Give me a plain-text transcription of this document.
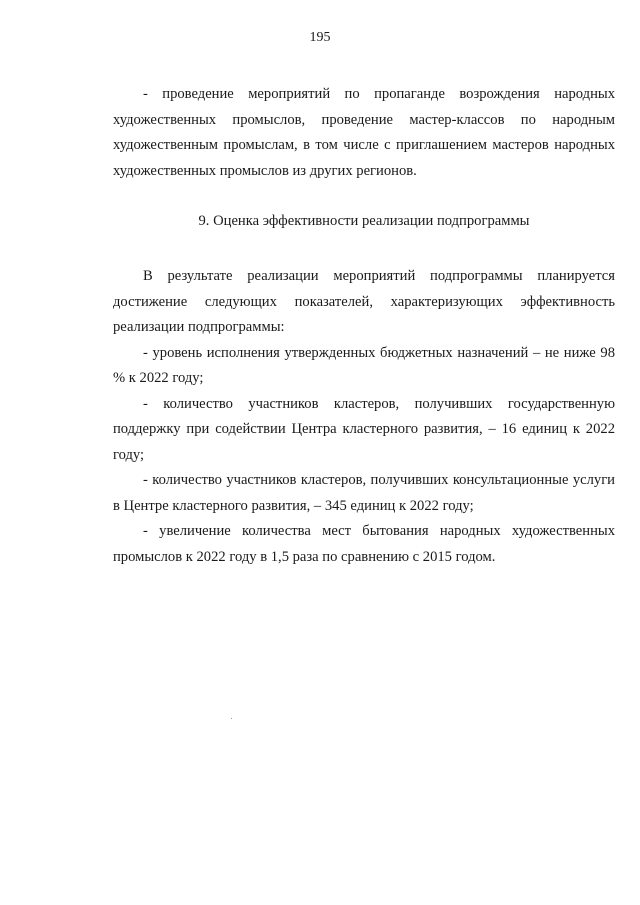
195

- проведение мероприятий по пропаганде возрождения народных художественных промыслов, проведение мастер-классов по народным художественным промыслам, в том числе с приглашением мастеров народных художественных промыслов из других регионов.

9. Оценка эффективности реализации подпрограммы

В результате реализации мероприятий подпрограммы планируется достижение следующих показателей, характеризующих эффективность реализации подпрограммы:

- уровень исполнения утвержденных бюджетных назначений – не ниже 98 % к 2022 году;

- количество участников кластеров, получивших государственную поддержку при содействии Центра кластерного развития, – 16 единиц к 2022 году;

- количество участников кластеров, получивших консультационные услуги в Центре кластерного развития, – 345 единиц к 2022 году;

- увеличение количества мест бытования народных художественных промыслов к 2022 году в 1,5 раза по сравнению с 2015 годом.
